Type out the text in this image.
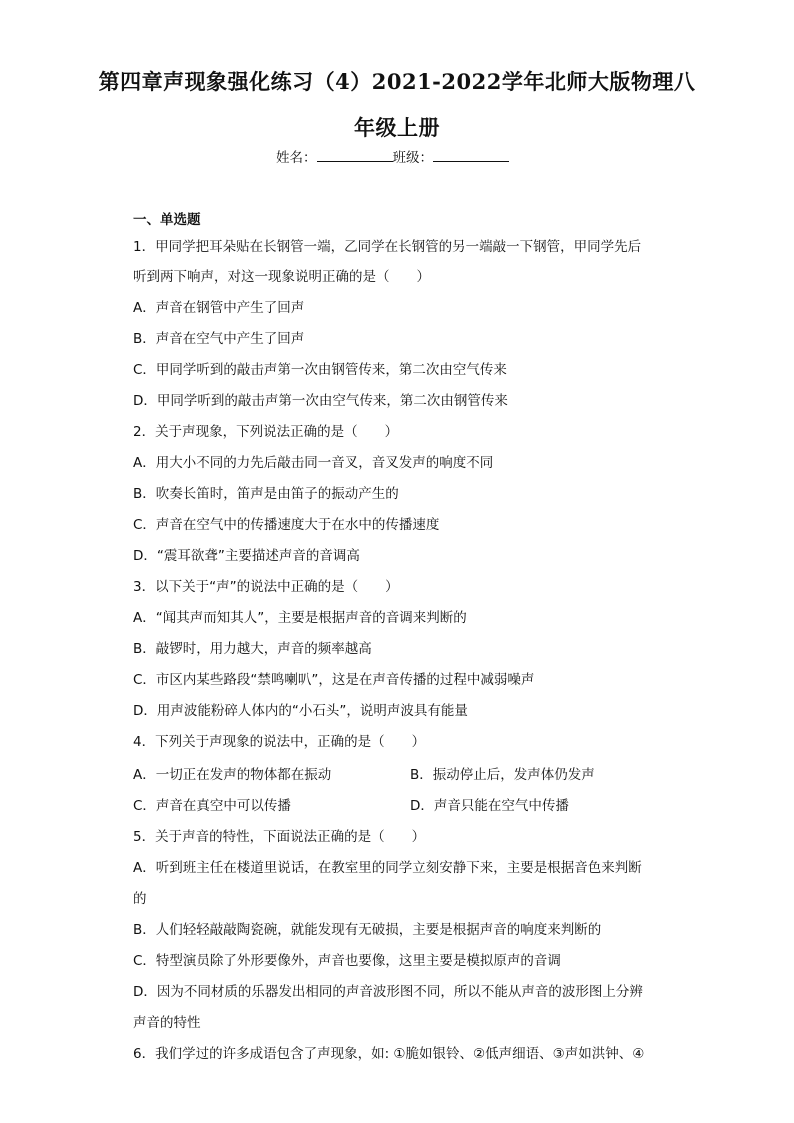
第四章声现象强化练习（4）2021-2022学年北师大版物理八
年级上册
姓名：	班级：
一、单选题
1．甲同学把耳朵贴在长钢管一端，乙同学在长钢管的另一端敲一下钢管，甲同学先后
听到两下响声，对这一现象说明正确的是（　　）
A．声音在钢管中产生了回声
B．声音在空气中产生了回声
C．甲同学听到的敲击声第一次由钢管传来，第二次由空气传来
D．甲同学听到的敲击声第一次由空气传来，第二次由钢管传来
2．关于声现象，下列说法正确的是（　　）
A．用大小不同的力先后敲击同一音叉，音叉发声的响度不同
B．吹奏长笛时，笛声是由笛子的振动产生的
C．声音在空气中的传播速度大于在水中的传播速度
D．“震耳欲聋”主要描述声音的音调高
3．以下关于“声”的说法中正确的是（　　）
A．“闻其声而知其人”，主要是根据声音的音调来判断的
B．敲锣时，用力越大，声音的频率越高
C．市区内某些路段“禁鸣喇叭”，这是在声音传播的过程中减弱噪声
D．用声波能粉碎人体内的“小石头”，说明声波具有能量
4．下列关于声现象的说法中，正确的是（　　）
A．一切正在发声的物体都在振动	B．振动停止后，发声体仍发声
C．声音在真空中可以传播	D．声音只能在空气中传播
5．关于声音的特性，下面说法正确的是（　　）
A．听到班主任在楼道里说话，在教室里的同学立刻安静下来，主要是根据音色来判断
的
B．人们轻轻敲敲陶瓷碗，就能发现有无破损，主要是根据声音的响度来判断的
C．特型演员除了外形要像外，声音也要像，这里主要是模拟原声的音调
D．因为不同材质的乐器发出相同的声音波形图不同，所以不能从声音的波形图上分辨
声音的特性
6．我们学过的许多成语包含了声现象，如: ①脆如银铃、②低声细语、③声如洪钟、④
